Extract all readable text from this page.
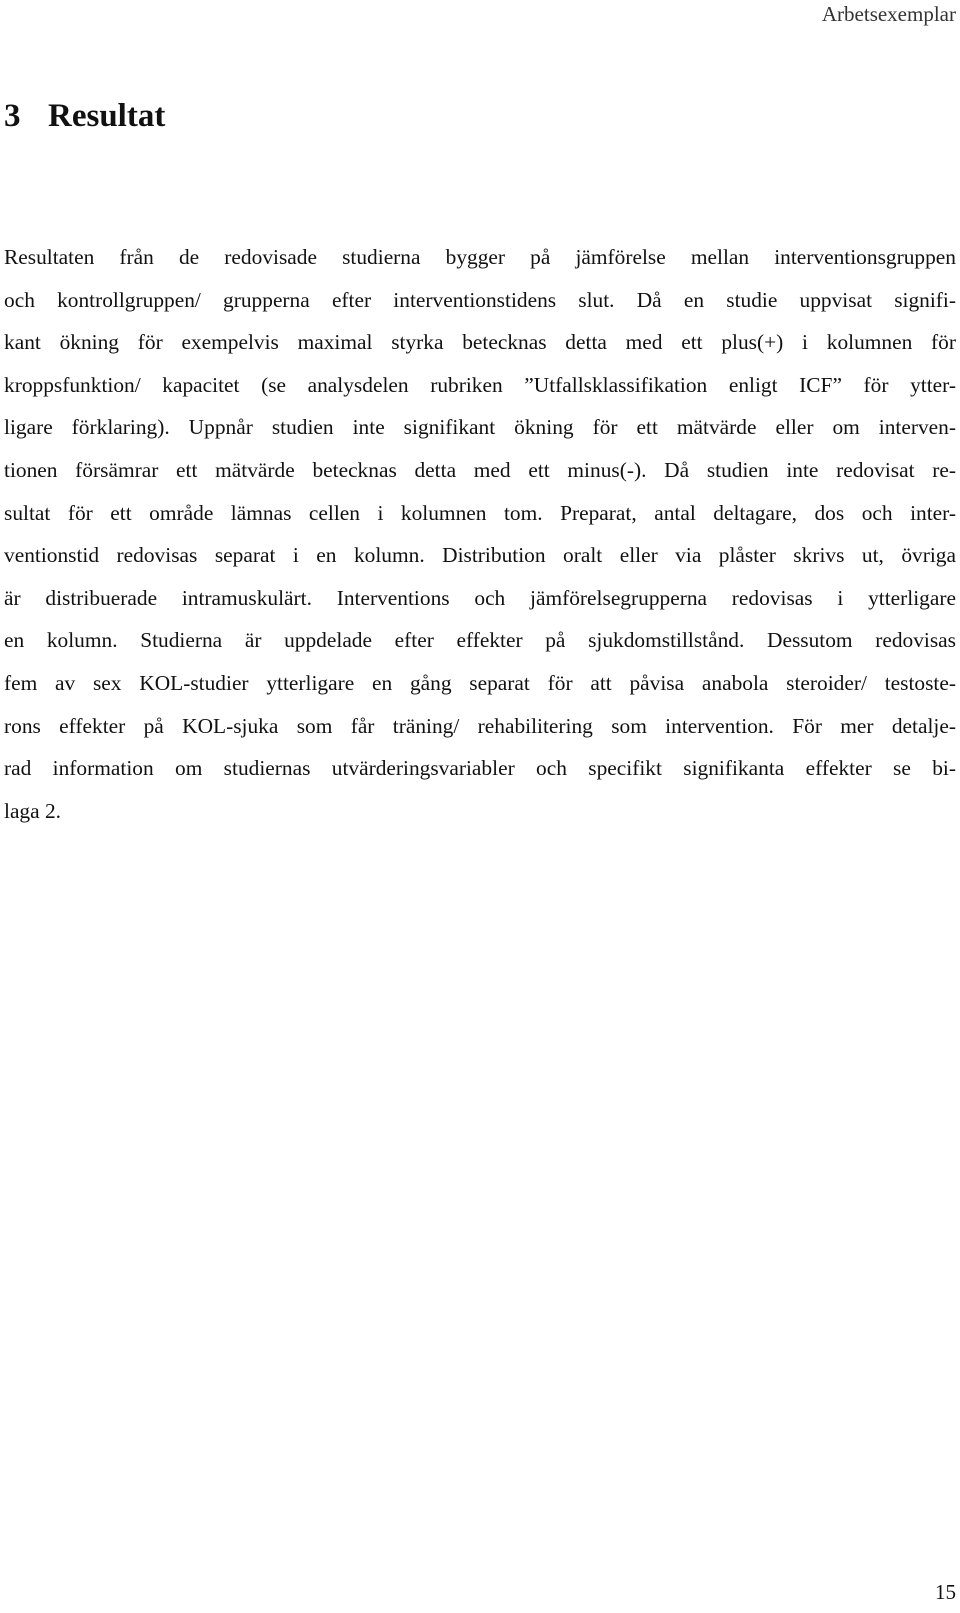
Arbetsexemplar
3 Resultat
Resultaten från de redovisade studierna bygger på jämförelse mellan interventionsgruppen
och kontrollgruppen/ grupperna efter interventionstidens slut. Då en studie uppvisat signifi-
kant ökning för exempelvis maximal styrka betecknas detta med ett plus(+) i kolumnen för
kroppsfunktion/ kapacitet (se analysdelen rubriken ”Utfallsklassifikation enligt ICF” för ytter-
ligare förklaring). Uppnår studien inte signifikant ökning för ett mätvärde eller om interven-
tionen försämrar ett mätvärde betecknas detta med ett minus(-). Då studien inte redovisat re-
sultat för ett område lämnas cellen i kolumnen tom. Preparat, antal deltagare, dos och inter-
ventionstid redovisas separat i en kolumn. Distribution oralt eller via plåster skrivs ut, övriga
är distribuerade intramuskulärt. Interventions och jämförelsegrupperna redovisas i ytterligare
en kolumn. Studierna är uppdelade efter effekter på sjukdomstillstånd. Dessutom redovisas
fem av sex KOL-studier ytterligare en gång separat för att påvisa anabola steroider/ testoste-
rons effekter på KOL-sjuka som får träning/ rehabilitering som intervention. För mer detalje-
rad information om studiernas utvärderingsvariabler och specifikt signifikanta effekter se bi-
laga 2.
15
